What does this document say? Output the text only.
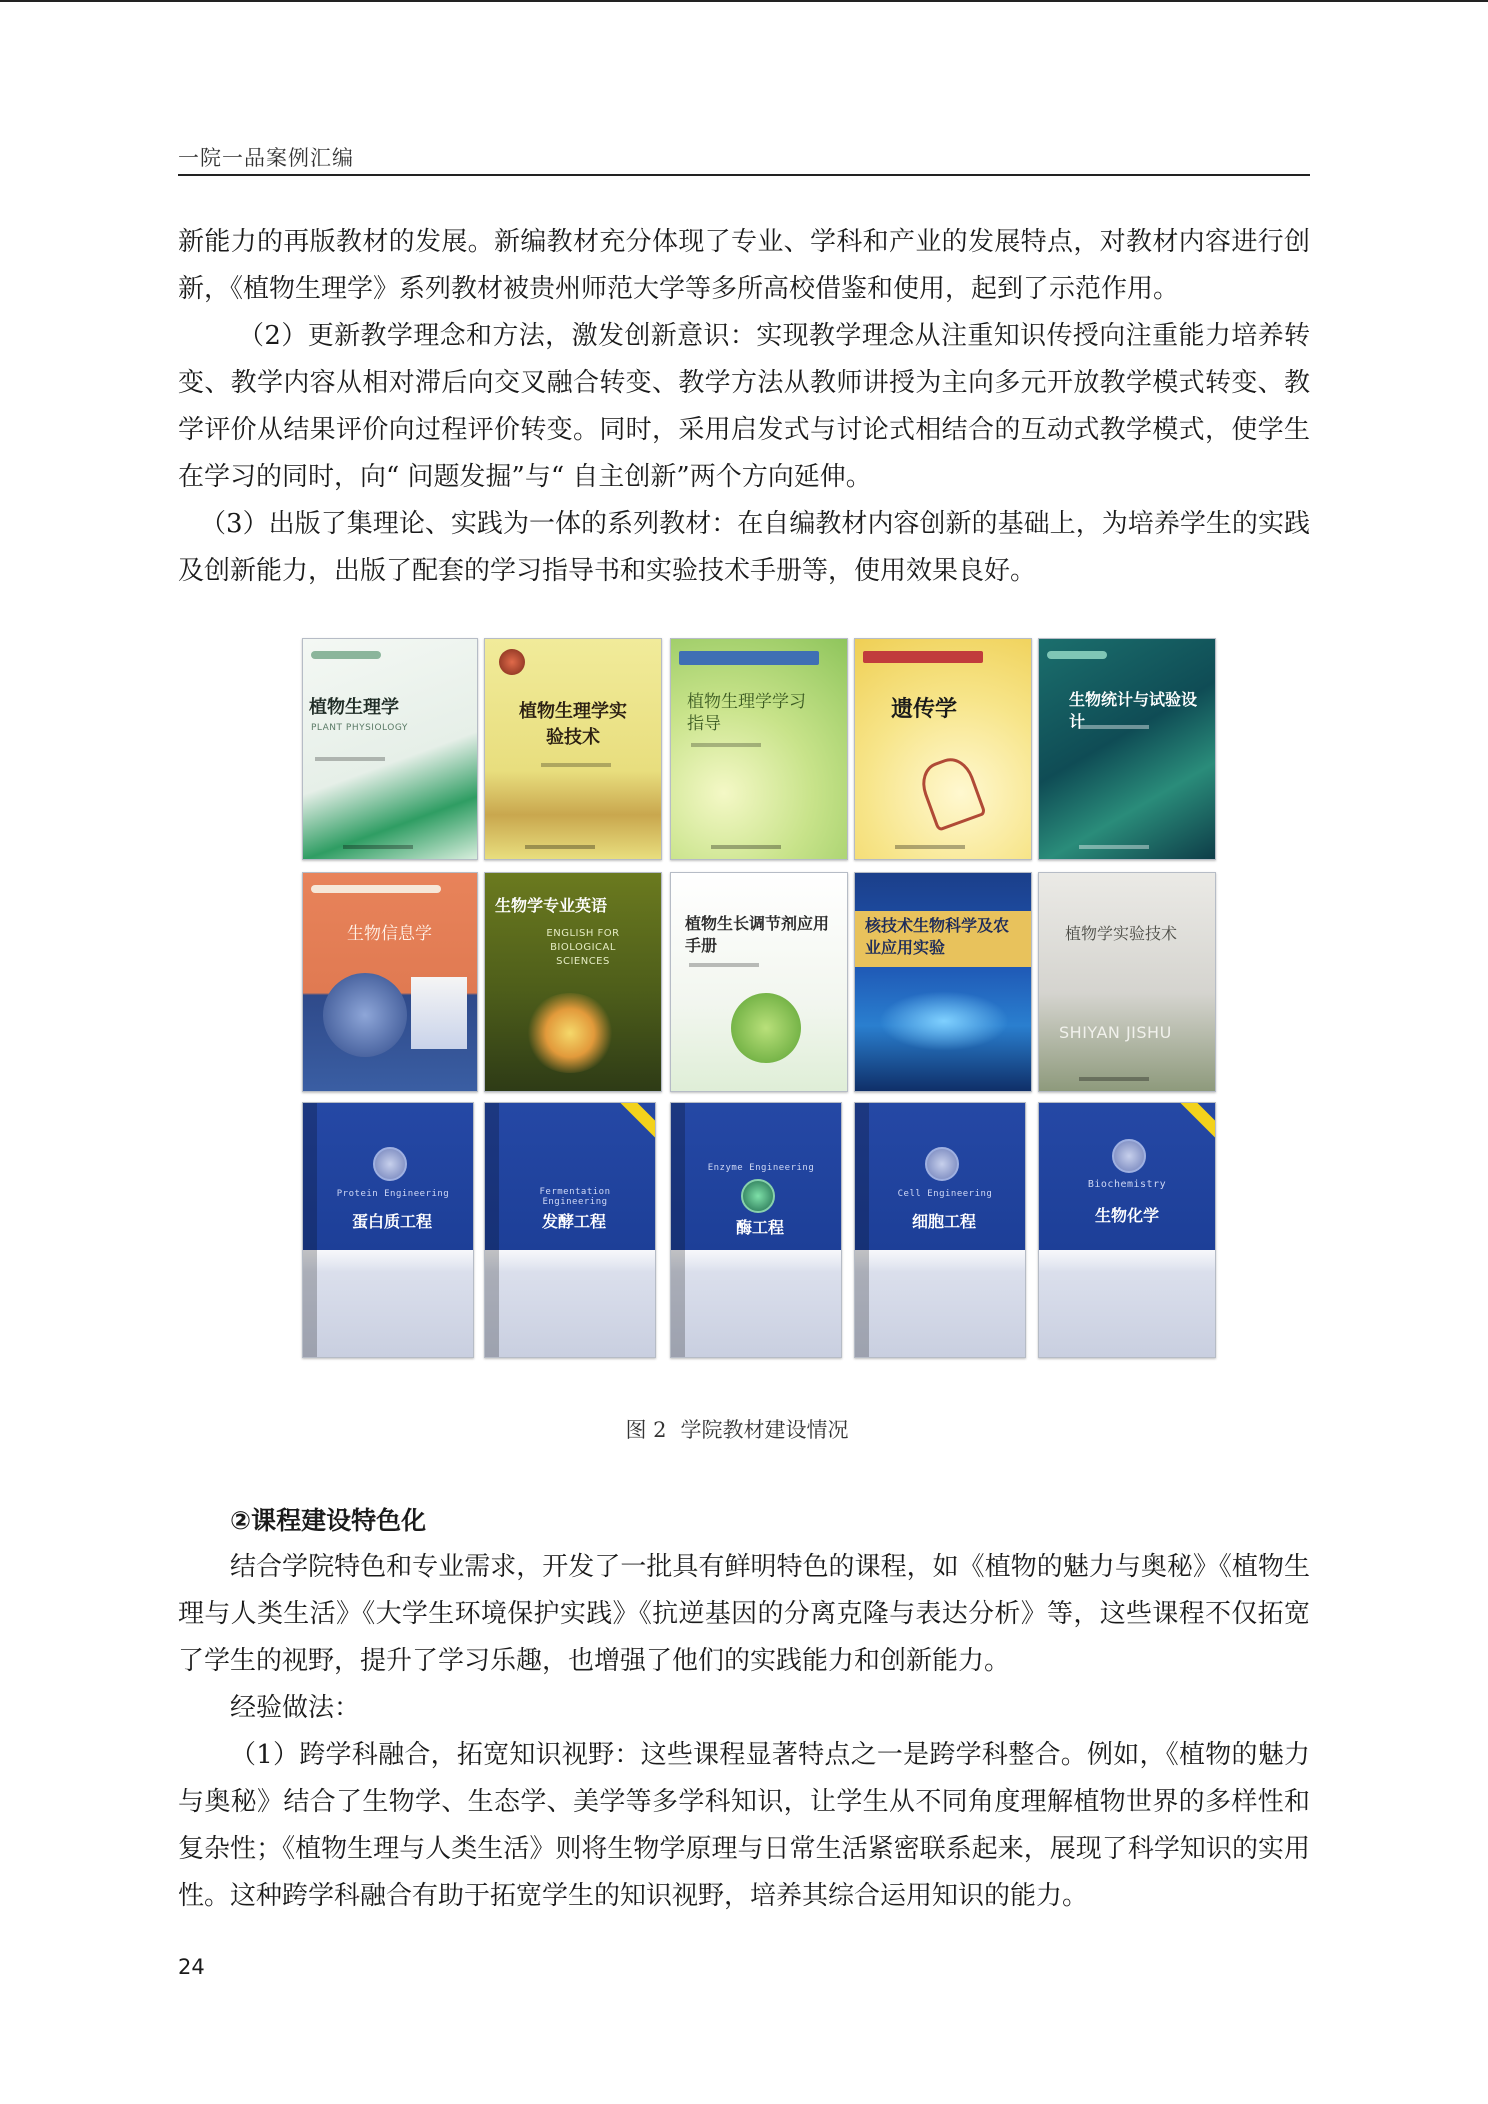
一院一品案例汇编

新能力的再版教材的发展。新编教材充分体现了专业、学科和产业的发展特点，对教材内容进行创新，《植物生理学》系列教材被贵州师范大学等多所高校借鉴和使用，起到了示范作用。

（2）更新教学理念和方法，激发创新意识：实现教学理念从注重知识传授向注重能力培养转变、教学内容从相对滞后向交叉融合转变、教学方法从教师讲授为主向多元开放教学模式转变、教学评价从结果评价向过程评价转变。同时，采用启发式与讨论式相结合的互动式教学模式，使学生在学习的同时，向“ 问题发掘”与“ 自主创新”两个方向延伸。

（3）出版了集理论、实践为一体的系列教材：在自编教材内容创新的基础上，为培养学生的实践及创新能力，出版了配套的学习指导书和实验技术手册等，使用效果良好。

植物生理学
PLANT PHYSIOLOGY
植物生理学实验技术
植物生理学学习指导
遗传学	生物统计与试验设计
生物信息学
生物学专业英语
ENGLISH FOR BIOLOGICAL SCIENCES
植物生长调节剂应用手册
核技术生物科学及农业应用实验
植物学实验技术
SHIYAN JISHU
Protein Engineering
蛋白质工程
Fermentation Engineering
发酵工程
Enzyme Engineering
酶工程
Cell Engineering
细胞工程
Biochemistry
生物化学
图 2 学院教材建设情况

②课程建设特色化

结合学院特色和专业需求，开发了一批具有鲜明特色的课程，如《植物的魅力与奥秘》《植物生理与人类生活》《大学生环境保护实践》《抗逆基因的分离克隆与表达分析》等，这些课程不仅拓宽了学生的视野，提升了学习乐趣，也增强了他们的实践能力和创新能力。

经验做法：

（1）跨学科融合，拓宽知识视野：这些课程显著特点之一是跨学科整合。例如，《植物的魅力与奥秘》结合了生物学、生态学、美学等多学科知识，让学生从不同角度理解植物世界的多样性和复杂性；《植物生理与人类生活》则将生物学原理与日常生活紧密联系起来，展现了科学知识的实用性。这种跨学科融合有助于拓宽学生的知识视野，培养其综合运用知识的能力。

24
